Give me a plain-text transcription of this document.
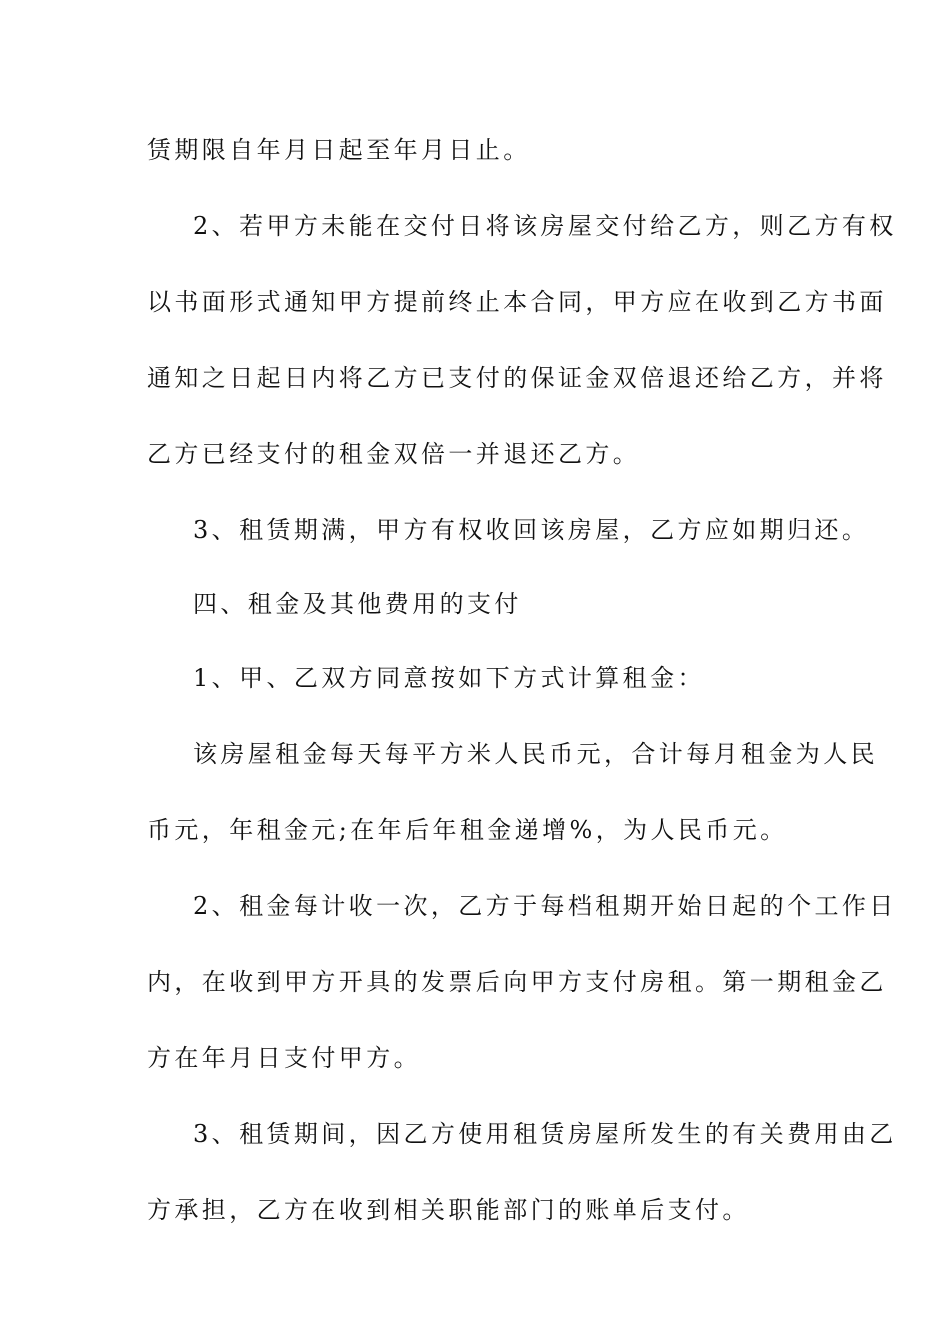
赁期限自年月日起至年月日止。
2、若甲方未能在交付日将该房屋交付给乙方，则乙方有权
以书面形式通知甲方提前终止本合同，甲方应在收到乙方书面
通知之日起日内将乙方已支付的保证金双倍退还给乙方，并将
乙方已经支付的租金双倍一并退还乙方。
3、租赁期满，甲方有权收回该房屋，乙方应如期归还。
四、租金及其他费用的支付
1、甲、乙双方同意按如下方式计算租金：
该房屋租金每天每平方米人民币元，合计每月租金为人民
币元，年租金元;在年后年租金递增%，为人民币元。
2、租金每计收一次，乙方于每档租期开始日起的个工作日
内，在收到甲方开具的发票后向甲方支付房租。第一期租金乙
方在年月日支付甲方。
3、租赁期间，因乙方使用租赁房屋所发生的有关费用由乙
方承担，乙方在收到相关职能部门的账单后支付。
